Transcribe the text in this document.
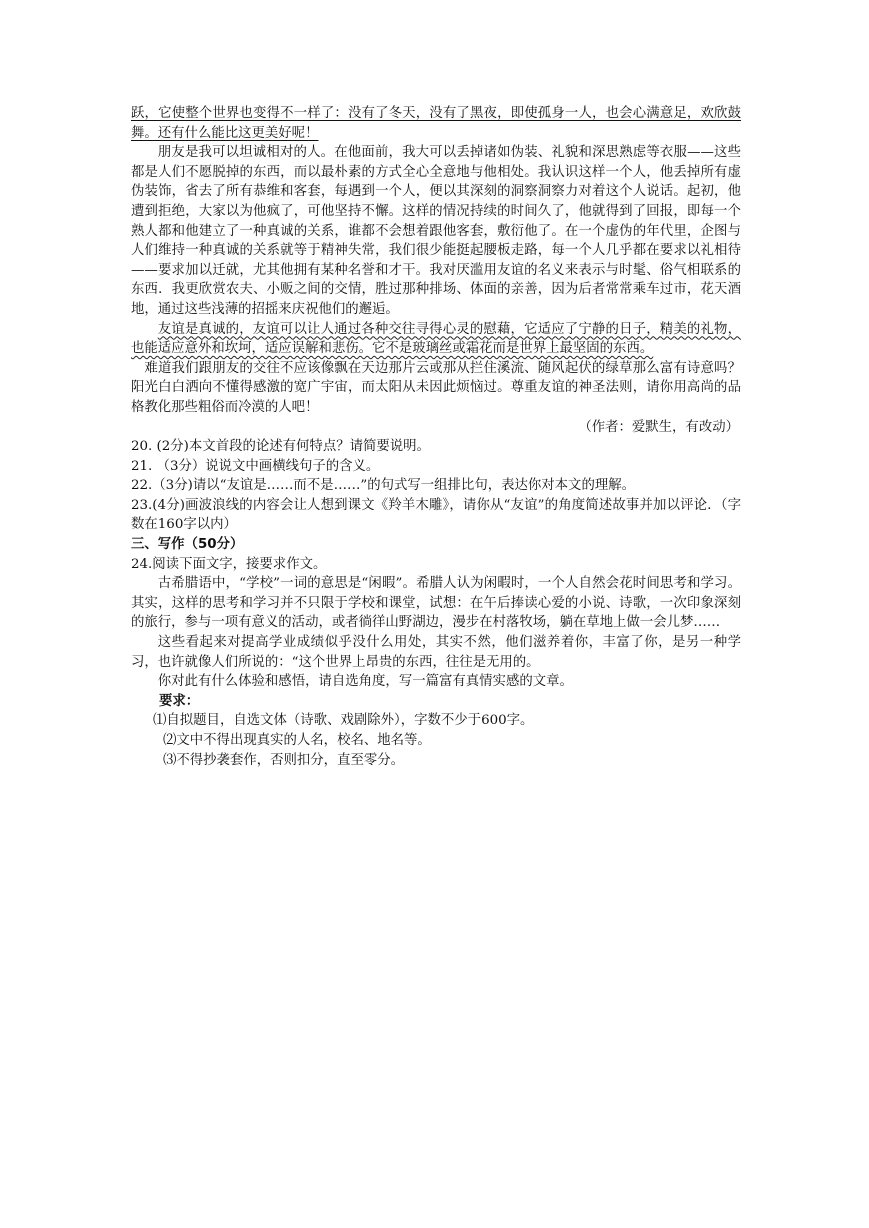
跃，它使整个世界也变得不一样了：没有了冬天，没有了黑夜，即使孤身一人，也会心满意足，欢欣鼓舞。还有什么能比这更美好呢！

朋友是我可以坦诚相对的人。在他面前，我大可以丢掉诸如伪装、礼貌和深思熟虑等衣服——这些都是人们不愿脱掉的东西，而以最朴素的方式全心全意地与他相处。我认识这样一个人，他丢掉所有虚伪装饰，省去了所有恭维和客套，每遇到一个人，便以其深刻的洞察洞察力对着这个人说话。起初，他遭到拒绝，大家以为他疯了，可他坚持不懈。这样的情况持续的时间久了，他就得到了回报，即每一个熟人都和他建立了一种真诚的关系，谁都不会想着跟他客套，敷衍他了。在一个虚伪的年代里，企图与人们维持一种真诚的关系就等于精神失常，我们很少能挺起腰板走路，每一个人几乎都在要求以礼相待——要求加以迁就，尤其他拥有某种名誉和才干。我对厌滥用友谊的名义来表示与时髦、俗气相联系的东西．我更欣赏农夫、小贩之间的交情，胜过那种排场、体面的亲善，因为后者常常乘车过市，花天酒地，通过这些浅薄的招摇来庆祝他们的邂逅。

友谊是真诚的，友谊可以让人通过各种交往寻得心灵的慰藉，它适应了宁静的日子，精美的礼物，也能适应意外和坎坷，适应误解和悲伤。它不是玻璃丝或霜花而是世界上最坚固的东西。

难道我们跟朋友的交往不应该像飘在天边那片云或那从拦住溪流、随风起伏的绿草那么富有诗意吗？阳光白白洒向不懂得感激的宽广宇宙，而太阳从未因此烦恼过。尊重友谊的神圣法则，请你用高尚的品格教化那些粗俗而冷漠的人吧！

（作者：爱默生，有改动）

20. (2分)本文首段的论述有何特点？请简要说明。

21. （3分）说说文中画横线句子的含义。

22.（3分)请以“友谊是……而不是……”的句式写一组排比句，表达你对本文的理解。

23.(4分)画波浪线的内容会让人想到课文《羚羊木雕》，请你从“友谊”的角度简述故事并加以评论．（字数在160字以内）

三、写作（50分）

24.阅读下面文字，接要求作文。

古希腊语中，“学校”一词的意思是“闲暇”。希腊人认为闲暇时，一个人自然会花时间思考和学习。其实，这样的思考和学习并不只限于学校和课堂，试想：在午后捧读心爱的小说、诗歌，一次印象深刻的旅行，参与一项有意义的活动，或者徜徉山野湖边，漫步在村落牧场，躺在草地上做一会儿梦……

这些看起来对提高学业成绩似乎没什么用处，其实不然，他们滋养着你，丰富了你，是另一种学习，也许就像人们所说的：“这个世界上昂贵的东西，往往是无用的。

你对此有什么体验和感悟，请自选角度，写一篇富有真情实感的文章。

要求：

⑴自拟题目，自选文体（诗歌、戏剧除外），字数不少于600字。

⑵文中不得出现真实的人名，校名、地名等。

⑶不得抄袭套作，否则扣分，直至零分。
